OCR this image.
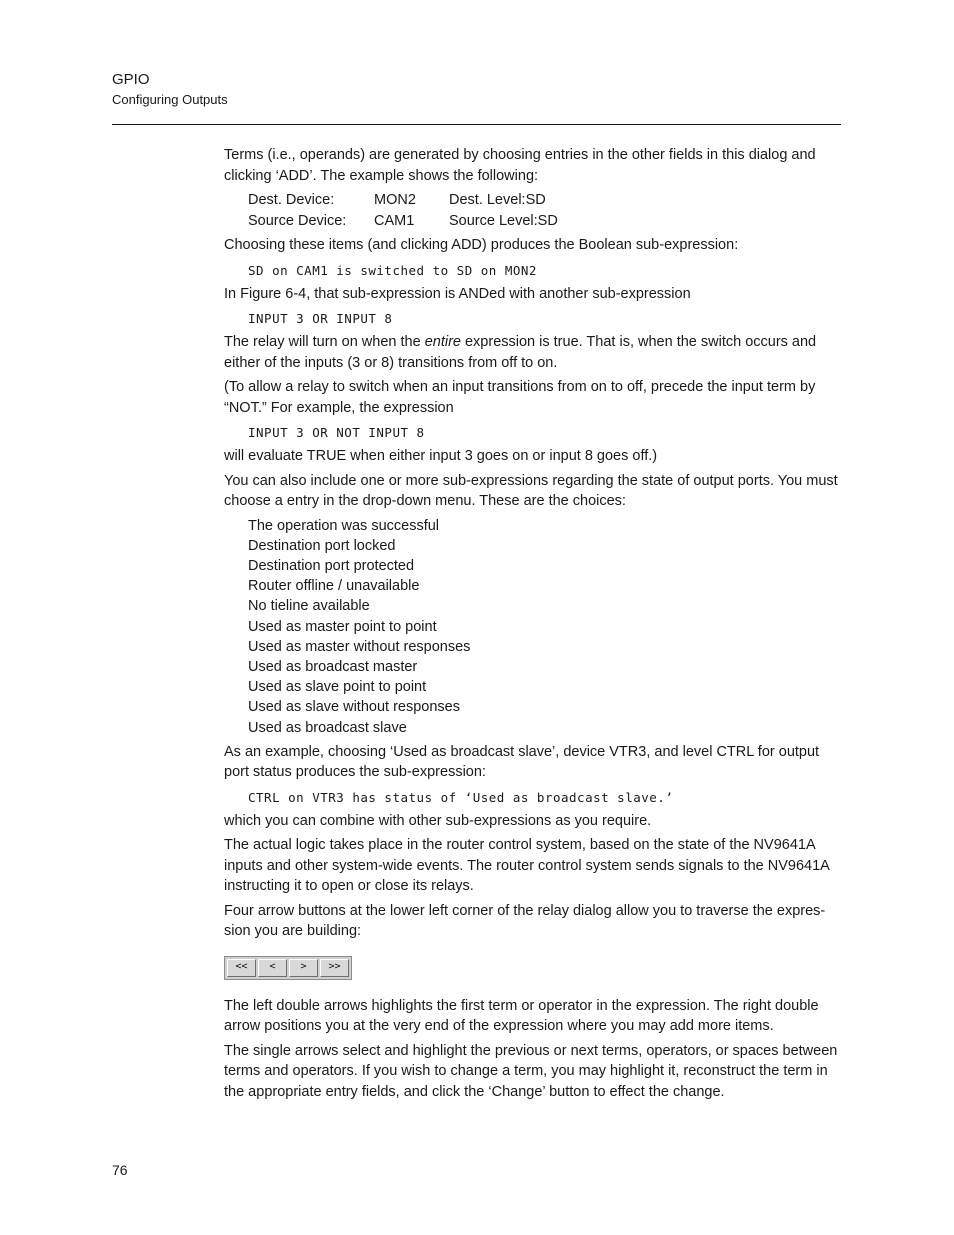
GPIO
Configuring Outputs

Terms (i.e., operands) are generated by choosing entries in the other fields in this dialog and clicking ‘ADD’. The example shows the following:

Dest. Device:	MON2	Dest. Level:SD
Source Device:	CAM1	Source Level:SD

Choosing these items (and clicking ADD) produces the Boolean sub-expression:

SD on CAM1 is switched to SD on MON2

In Figure 6-4, that sub-expression is ANDed with another sub-expression

INPUT 3 OR INPUT 8

The relay will turn on when the entire expression is true. That is, when the switch occurs and either of the inputs (3 or 8) transitions from off to on.

(To allow a relay to switch when an input transitions from on to off, precede the input term by “NOT.” For example, the expression

INPUT 3 OR NOT INPUT 8

will evaluate TRUE when either input 3 goes on or input 8 goes off.)

You can also include one or more sub-expressions regarding the state of output ports. You must choose a entry in the drop-down menu. These are the choices:

The operation was successful
Destination port locked
Destination port protected
Router offline / unavailable
No tieline available
Used as master point to point
Used as master without responses
Used as broadcast master
Used as slave point to point
Used as slave without responses
Used as broadcast slave

As an example, choosing ‘Used as broadcast slave’, device VTR3, and level CTRL for output port status produces the sub-expression:

CTRL on VTR3 has status of ‘Used as broadcast slave.’

which you can combine with other sub-expressions as you require.

The actual logic takes place in the router control system, based on the state of the NV9641A inputs and other system-wide events. The router control system sends signals to the NV9641A instructing it to open or close its relays.

Four arrow buttons at the lower left corner of the relay dialog allow you to traverse the expres-sion you are building:

<<	<	>	>>

The left double arrows highlights the first term or operator in the expression. The right double arrow positions you at the very end of the expression where you may add more items.

The single arrows select and highlight the previous or next terms, operators, or spaces between terms and operators. If you wish to change a term, you may highlight it, reconstruct the term in the appropriate entry fields, and click the ‘Change’ button to effect the change.

76
